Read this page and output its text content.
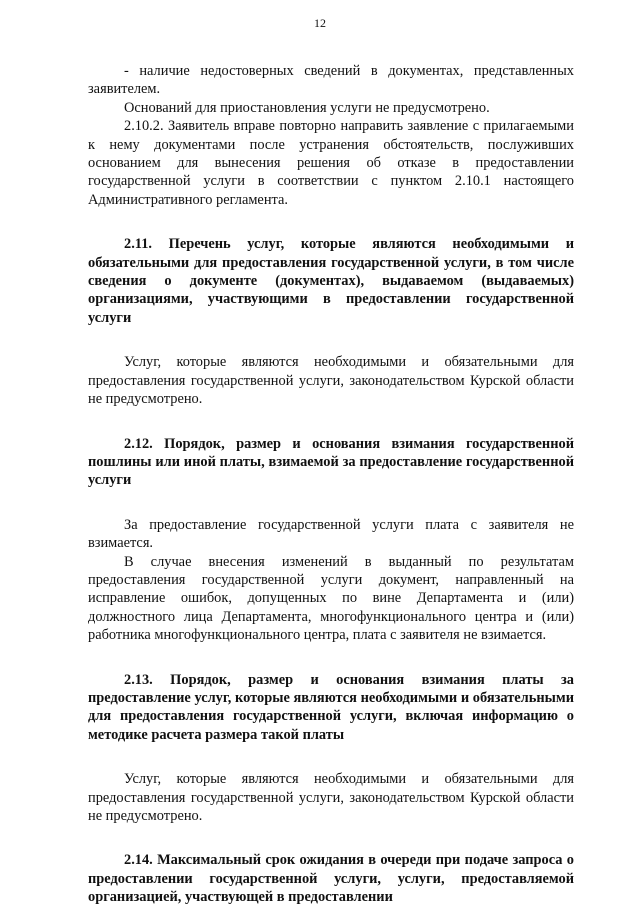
12

- наличие недостоверных сведений в документах, представленных заявителем.

Оснований для приостановления услуги не предусмотрено.

2.10.2. Заявитель вправе повторно направить заявление с прилагаемыми к нему документами после устранения обстоятельств, послуживших основанием для вынесения решения об отказе в предоставлении государственной услуги в соответствии с пунктом 2.10.1 настоящего Административного регламента.

2.11. Перечень услуг, которые являются необходимыми и обязательными для предоставления государственной услуги, в том числе сведения о документе (документах), выдаваемом (выдаваемых) организациями, участвующими в предоставлении государственной услуги

Услуг, которые являются необходимыми и обязательными для предоставления государственной услуги, законодательством Курской области не предусмотрено.

2.12. Порядок, размер и основания взимания государственной пошлины или иной платы, взимаемой за предоставление государственной услуги

За предоставление государственной услуги плата с заявителя не взимается.

В случае внесения изменений в выданный по результатам предоставления государственной услуги документ, направленный на исправление ошибок, допущенных по вине Департамента и (или) должностного лица Департамента, многофункционального центра и (или) работника многофункционального центра, плата с заявителя не взимается.

2.13. Порядок, размер и основания взимания платы за предоставление услуг, которые являются необходимыми и обязательными для предоставления государственной услуги, включая информацию о методике расчета размера такой платы

Услуг, которые являются необходимыми и обязательными для предоставления государственной услуги, законодательством Курской области не предусмотрено.

2.14. Максимальный срок ожидания в очереди при подаче запроса о предоставлении государственной услуги, услуги, предоставляемой организацией, участвующей в предоставлении
